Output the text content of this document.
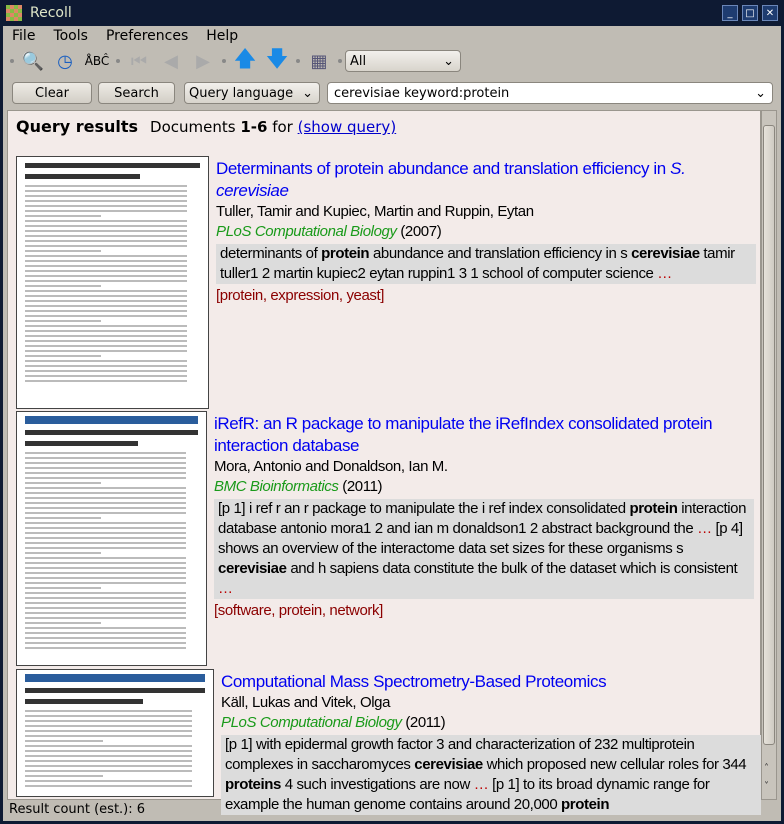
Recoll	_	□	✕
File Tools Preferences Help
🔍 ◷ ÅBĈ ⏮ ◀	▶ 🡅 🡇 ▦	All	⌄
Clear	Search	Query language ⌄ cerevisiae keyword:protein	⌄
Query results Documents 1-6 for (show query)
Determinants of protein abundance and translation efficiency in S. cerevisiae
Tuller, Tamir and Kupiec, Martin and Ruppin, Eytan
PLoS Computational Biology (2007)
determinants of protein abundance and translation efficiency in s cerevisiae tamir tuller1 2 martin kupiec2 eytan ruppin1 3 1 school of computer science …
[protein, expression, yeast]
iRefR: an R package to manipulate the iRefIndex consolidated protein interaction database
Mora, Antonio and Donaldson, Ian M.
BMC Bioinformatics (2011)
[p 1] i ref r an r package to manipulate the i ref index consolidated protein interaction database antonio mora1 2 and ian m donaldson1 2 abstract background the … [p 4] shows an overview of the interactome data set sizes for these organisms s cerevisiae and h sapiens data constitute the bulk of the dataset which is consistent …
[software, protein, network]
Computational Mass Spectrometry-Based Proteomics
Käll, Lukas and Vitek, Olga
PLoS Computational Biology (2011)
[p 1] with epidermal growth factor 3 and characterization of 232 multiprotein complexes in saccharomyces cerevisiae which proposed new cellular roles for 344 proteins 4 such investigations are now … [p 1] to its broad dynamic range for example the human genome contains around 20,000 protein
˄
˅
Result count (est.): 6
